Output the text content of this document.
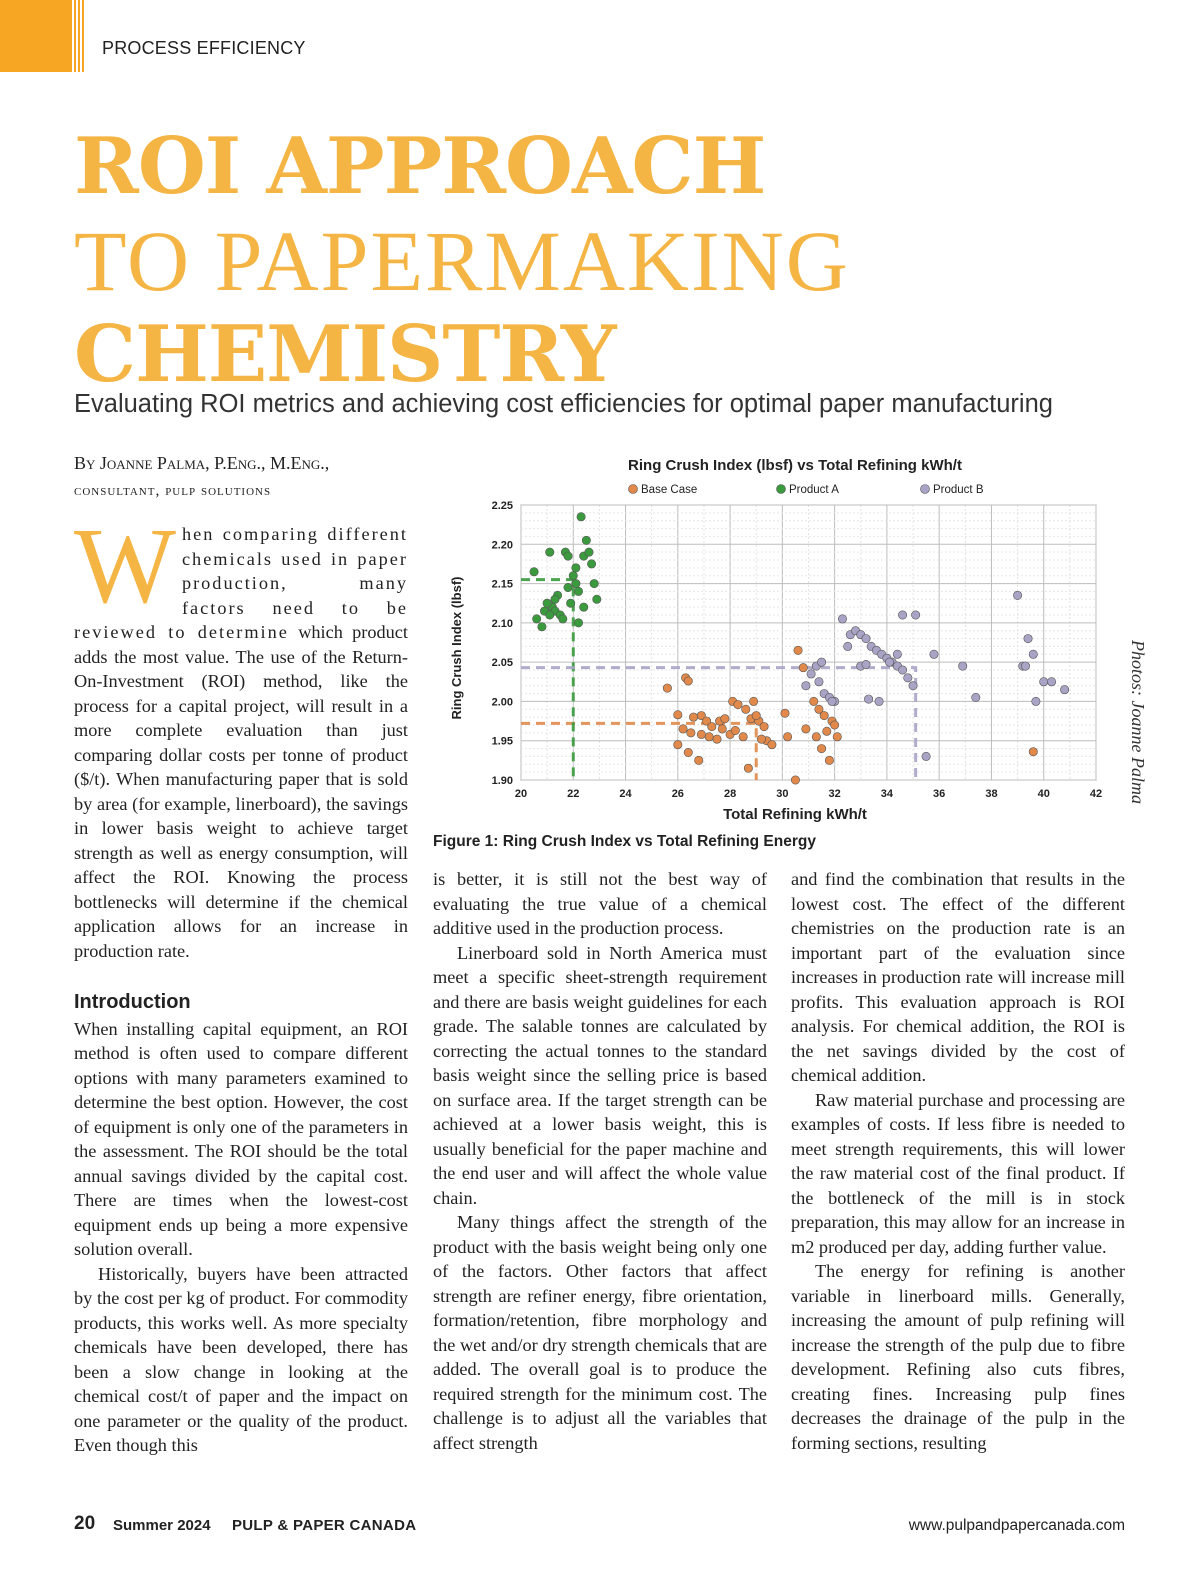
PROCESS EFFICIENCY
ROI APPROACH
TO PAPERMAKING
CHEMISTRY
Evaluating ROI metrics and achieving cost efficiencies for optimal paper manufacturing
By Joanne Palma, P.Eng., M.Eng.,
consultant, pulp solutions

W hen comparing different chemicals used in paper production, many factors need to be reviewed to determine which product adds the most value. The use of the Return-On-Investment (ROI) method, like the process for a capital project, will result in a more complete evaluation than just comparing dollar costs per tonne of product ($/t). When manufacturing paper that is sold by area (for example, linerboard), the savings in lower basis weight to achieve target strength as well as energy consumption, will affect the ROI. Knowing the process bottlenecks will determine if the chemical application allows for an increase in production rate.

Introduction

When installing capital equipment, an ROI method is often used to compare different options with many parameters examined to determine the best option. However, the cost of equipment is only one of the parameters in the assessment. The ROI should be the total annual savings divided by the capital cost. There are times when the lowest-cost equipment ends up being a more expensive solution overall.

Historically, buyers have been attracted by the cost per kg of product. For commodity products, this works well. As more specialty chemicals have been developed, there has been a slow change in looking at the chemical cost/t of paper and the impact on one parameter or the quality of the product. Even though this

Ring Crush Index (lbsf) vs Total Refining kWh/t
Base Case	Product A	Product B
20	22	24	26	28	30	32	34	36	38	40	42
1.90
1.95
2.00
2.05
2.10
2.15
2.20
2.25
Total Refining kWh/t
Ring Crush Index (lbsf)
Figure 1: Ring Crush Index vs Total Refining Energy
Photos: Joanne Palma

is better, it is still not the best way of evaluating the true value of a chemical additive used in the production process.

Linerboard sold in North America must meet a specific sheet-strength requirement and there are basis weight guidelines for each grade. The salable tonnes are calculated by correcting the actual tonnes to the standard basis weight since the selling price is based on surface area. If the target strength can be achieved at a lower basis weight, this is usually beneficial for the paper machine and the end user and will affect the whole value chain.

Many things affect the strength of the product with the basis weight being only one of the factors. Other factors that affect strength are refiner energy, fibre orientation, formation/retention, fibre morphology and the wet and/or dry strength chemicals that are added. The overall goal is to produce the required strength for the minimum cost. The challenge is to adjust all the variables that affect strength

and find the combination that results in the lowest cost. The effect of the different chemistries on the production rate is an important part of the evaluation since increases in production rate will increase mill profits. This evaluation approach is ROI analysis. For chemical addition, the ROI is the net savings divided by the cost of chemical addition.

Raw material purchase and processing are examples of costs. If less fibre is needed to meet strength requirements, this will lower the raw material cost of the final product. If the bottleneck of the mill is in stock preparation, this may allow for an increase in m2 produced per day, adding further value.

The energy for refining is another variable in linerboard mills. Generally, increasing the amount of pulp refining will increase the strength of the pulp due to fibre development. Refining also cuts fibres, creating fines. Increasing pulp fines decreases the drainage of the pulp in the forming sections, resulting

20 Summer 2024 PULP & PAPER CANADA	www.pulpandpapercanada.com
